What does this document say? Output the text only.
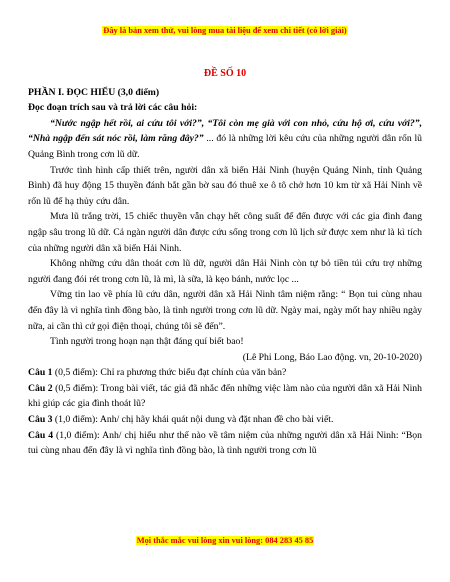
Đây là bản xem thử, vui lòng mua tài liệu để xem chi tiết (có lời giải)

ĐỀ SỐ 10

PHẦN I. ĐỌC HIỂU (3,0 điểm)

Đọc đoạn trích sau và trả lời các câu hỏi:

“Nước ngập hết rồi, ai cứu tôi với?”, “Tôi còn mẹ già với con nhỏ, cứu hộ ơi, cứu với?”, “Nhà ngập đến sát nóc rồi, làm răng đây?” ... đó là những lời kêu cứu của những người dân rốn lũ Quảng Bình trong cơn lũ dữ.

Trước tình hình cấp thiết trên, người dân xã biển Hải Ninh (huyện Quảng Ninh, tỉnh Quảng Bình) đã huy động 15 thuyền đánh bắt gần bờ sau đó thuê xe ô tô chở hơn 10 km từ xã Hải Ninh về rốn lũ để hạ thủy cứu dân.

Mưa lũ trắng trời, 15 chiếc thuyền vẫn chạy hết công suất để đến được với các gia đình đang ngập sâu trong lũ dữ. Cả ngàn người dân được cứu sống trong cơn lũ lịch sử được xem như là kì tích của những người dân xã biển Hải Ninh.

Không những cứu dân thoát cơn lũ dữ, người dân Hải Ninh còn tự bỏ tiền túi cứu trợ những người đang đói rét trong cơn lũ, là mì, là sữa, là kẹo bánh, nước lọc ...

Vững tin lao về phía lũ cứu dân, người dân xã Hải Ninh tâm niệm rằng: “ Bọn tui cùng nhau đến đây là vì nghĩa tình đồng bào, là tình người trong cơn lũ dữ. Ngày mai, ngày mốt hay nhiều ngày nữa, ai cần thì cứ gọi điện thoại, chúng tôi sẽ đến”.

Tình người trong hoạn nạn thật đáng quí biết bao!

(Lê Phi Long, Báo Lao động. vn, 20-10-2020)

Câu 1 (0,5 điểm): Chỉ ra phương thức biểu đạt chính của văn bản?

Câu 2 (0,5 điểm): Trong bài viết, tác giả đã nhắc đến những việc làm nào của người dân xã Hải Ninh khi giúp các gia đình thoát lũ?

Câu 3 (1,0 điểm): Anh/ chị hãy khái quát nội dung và đặt nhan đề cho bài viết.

Câu 4 (1,0 điểm): Anh/ chị hiểu như thế nào về tâm niệm của những người dân xã Hải Ninh: “Bọn tui cùng nhau đến đây là vì nghĩa tình đồng bào, là tình người trong cơn lũ

Mọi thắc mắc vui lòng xin vui lòng: 084 283 45 85
